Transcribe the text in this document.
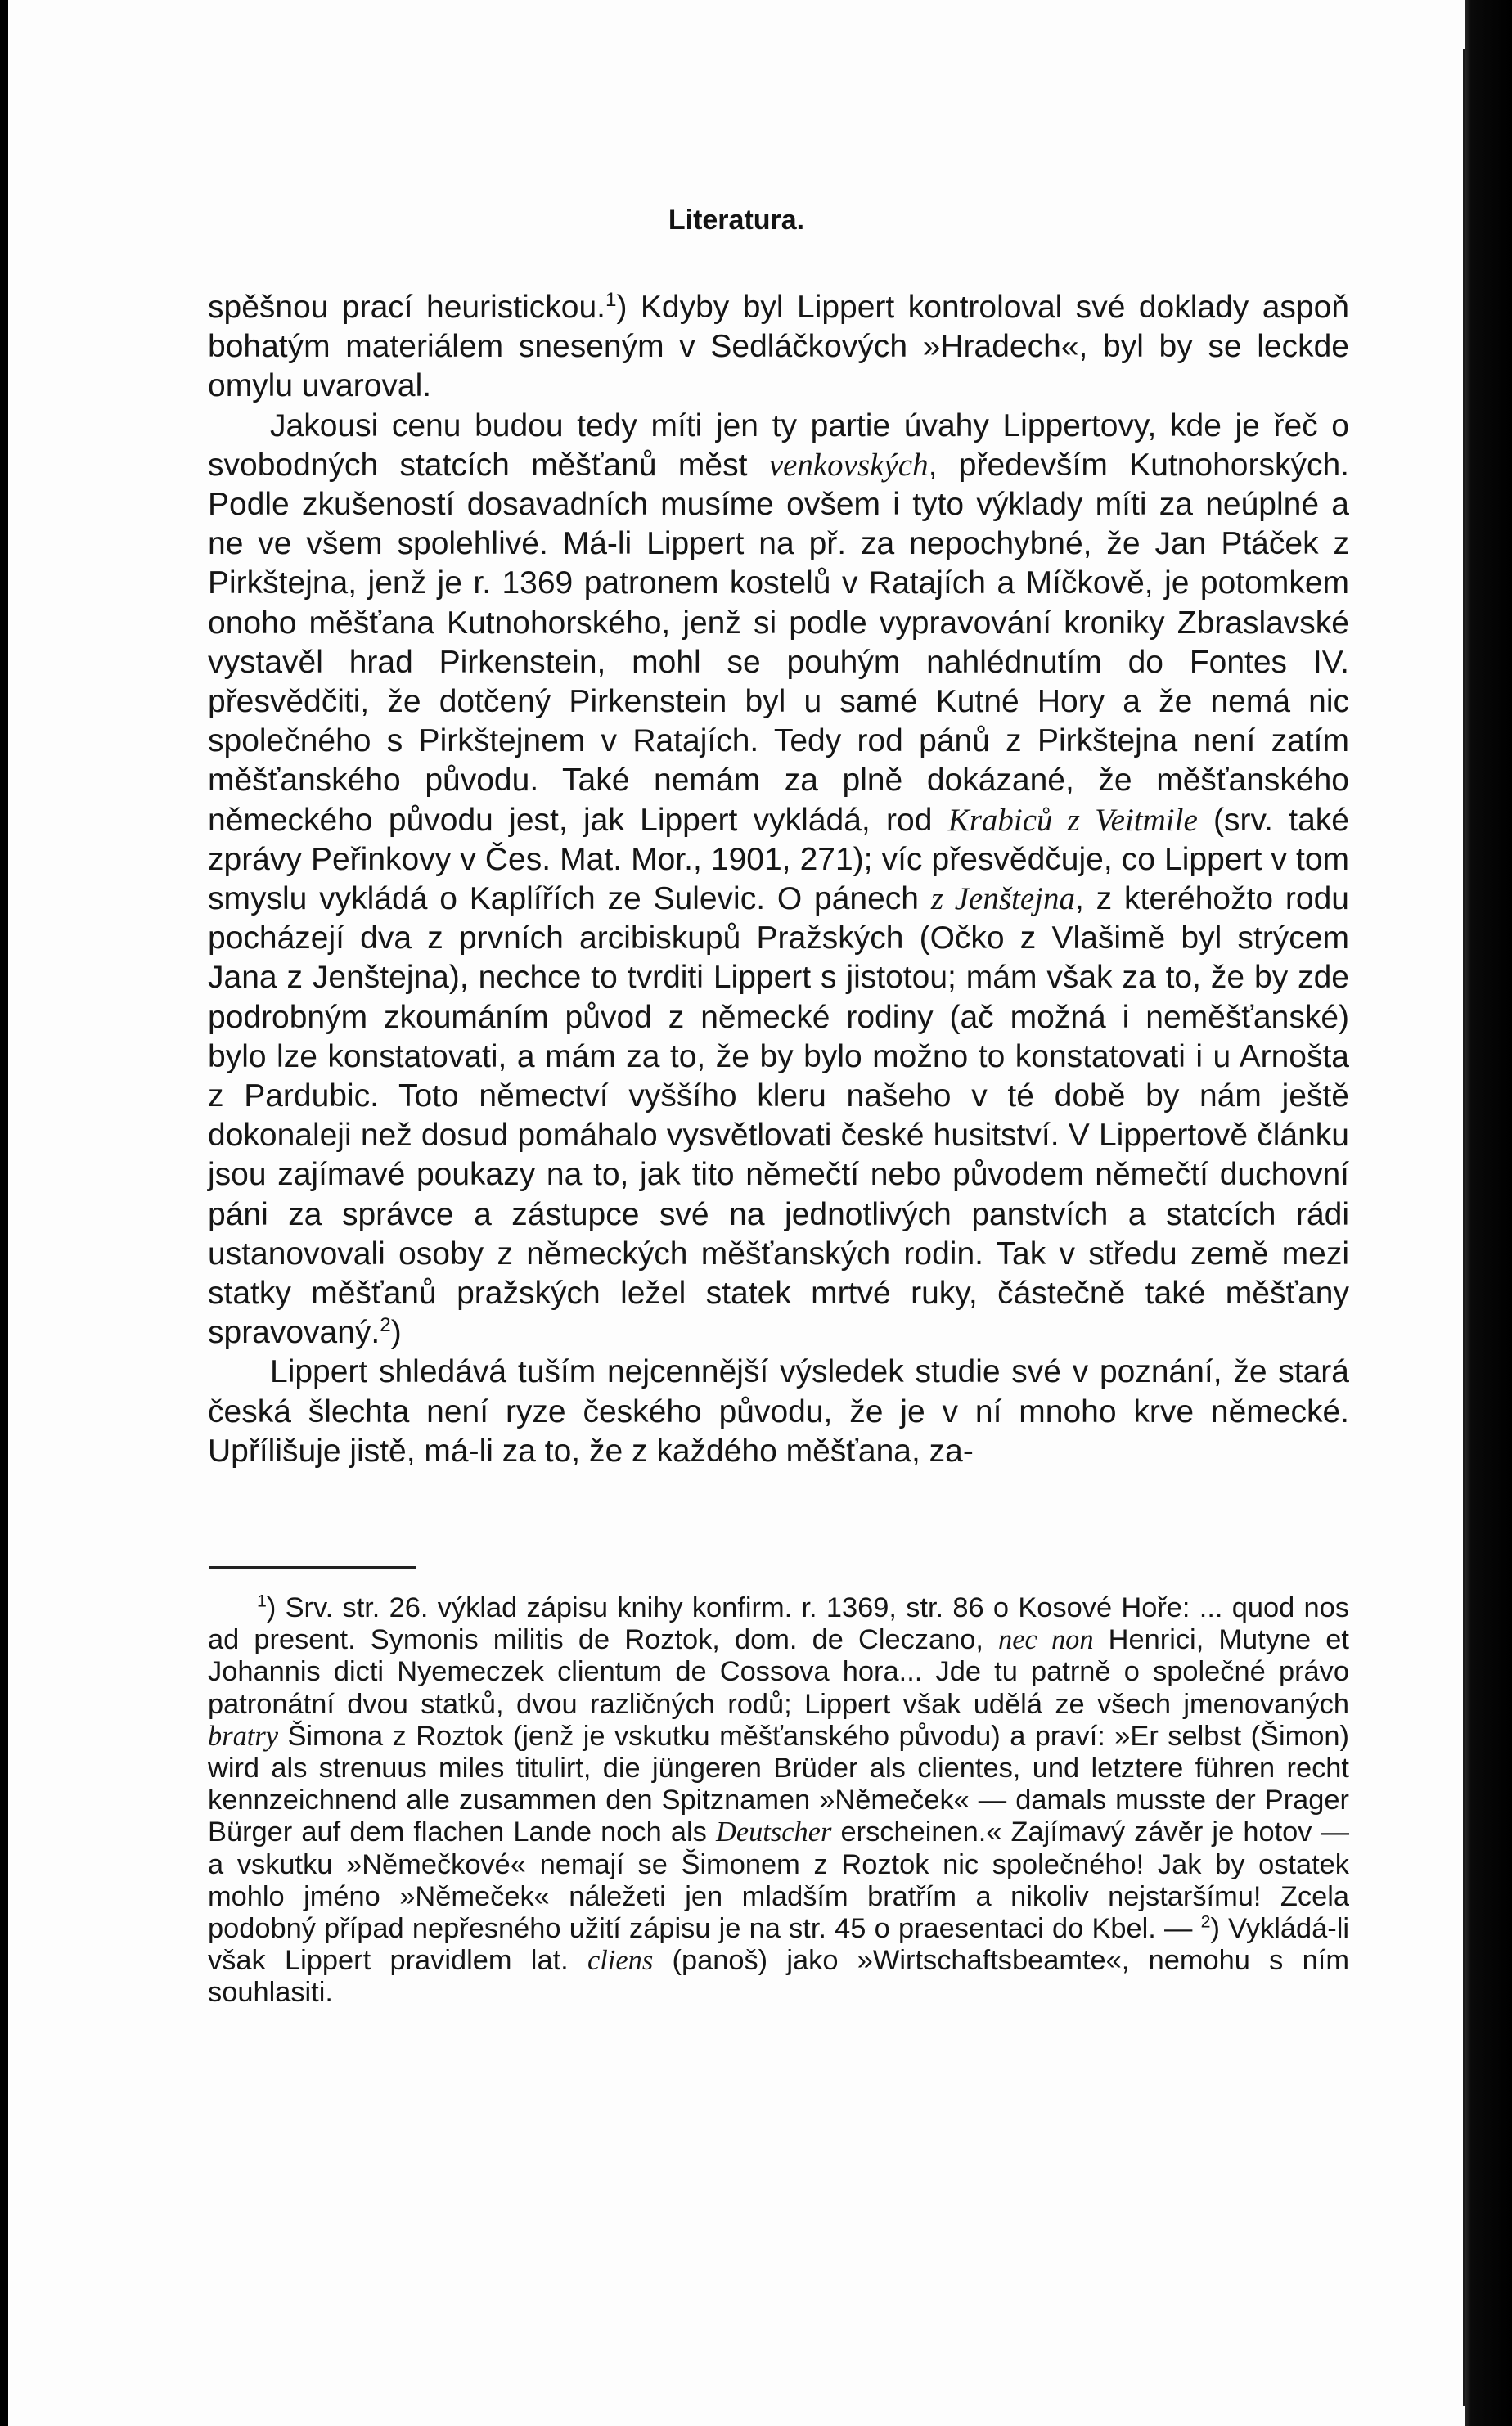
Literatura.

spěšnou prací heuristickou.$^1$) Kdyby byl Lippert kontroloval své doklady aspoň bohatým materiálem sneseným v Sedláčkových »Hradech«, byl by se leckde omylu uvaroval.

Jakousi cenu budou tedy míti jen ty partie úvahy Lippertovy, kde je řeč o svobodných statcích měšťanů měst venkovských, především Kutnohorských. Podle zkušeností dosavadních musíme ovšem i tyto výklady míti za neúplné a ne ve všem spolehlivé. Má-li Lippert na př. za nepochybné, že Jan Ptáček z Pirkštejna, jenž je r. 1369 patronem kostelů v Ratajích a Míčkově, je potomkem onoho měšťana Kutnohorského, jenž si podle vypravování kroniky Zbraslavské vystavěl hrad Pirkenstein, mohl se pouhým nahlédnutím do Fontes IV. přesvědčiti, že dotčený Pirkenstein byl u samé Kutné Hory a že nemá nic společného s Pirkštejnem v Ratajích. Tedy rod pánů z Pirkštejna není zatím měšťanského původu. Také nemám za plně dokázané, že měšťanského německého původu jest, jak Lippert vykládá, rod Krabiců z Veitmile (srv. také zprávy Peřinkovy v Čes. Mat. Mor., 1901, 271); víc přesvědčuje, co Lippert v tom smyslu vykládá o Kaplířích ze Sulevic. O pánech z Jenštejna, z kteréhožto rodu pocházejí dva z prvních arcibiskupů Pražských (Očko z Vlašimě byl strýcem Jana z Jenštejna), nechce to tvrditi Lippert s jistotou; mám však za to, že by zde podrobným zkoumáním původ z německé rodiny (ač možná i neměšťanské) bylo lze konstatovati, a mám za to, že by bylo možno to konstatovati i u Arnošta z Pardubic. Toto němectví vyššího kleru našeho v té době by nám ještě dokonaleji než dosud pomáhalo vysvětlovati české husitství. V Lippertově článku jsou zajímavé poukazy na to, jak tito němečtí nebo původem němečtí duchovní páni za správce a zástupce své na jednotlivých panstvích a statcích rádi ustanovovali osoby z německých měšťanských rodin. Tak v středu země mezi statky měšťanů pražských ležel statek mrtvé ruky, částečně také měšťany spravovaný.$^2$)

Lippert shledává tuším nejcennější výsledek studie své v poznání, že stará česká šlechta není ryze českého původu, že je v ní mnoho krve německé. Upřílišuje jistě, má-li za to, že z každého měšťana, za-

$^1$) Srv. str. 26. výklad zápisu knihy konfirm. r. 1369, str. 86 o Kosové Hoře: ... quod nos ad present. Symonis militis de Roztok, dom. de Cleczano, nec non Henrici, Mutyne et Johannis dicti Nyemeczek clientum de Cossova hora... Jde tu patrně o společné právo patronátní dvou statků, dvou različných rodů; Lippert však udělá ze všech jmenovaných bratry Šimona z Roztok (jenž je vskutku měšťanského původu) a praví: »Er selbst (Šimon) wird als strenuus miles titulirt, die jüngeren Brüder als clientes, und letztere führen recht kennzeichnend alle zusammen den Spitznamen »Němeček« — damals musste der Prager Bürger auf dem flachen Lande noch als Deutscher erscheinen.« Zajímavý závěr je hotov — a vskutku »Němečkové« nemají se Šimonem z Roztok nic společného! Jak by ostatek mohlo jméno »Němeček« náležeti jen mladším bratřím a nikoliv nejstaršímu! Zcela podobný případ nepřesného užití zápisu je na str. 45 o praesentaci do Kbel. — $^2$) Vykládá-li však Lippert pravidlem lat. cliens (panoš) jako »Wirtschaftsbeamte«, nemohu s ním souhlasiti.
